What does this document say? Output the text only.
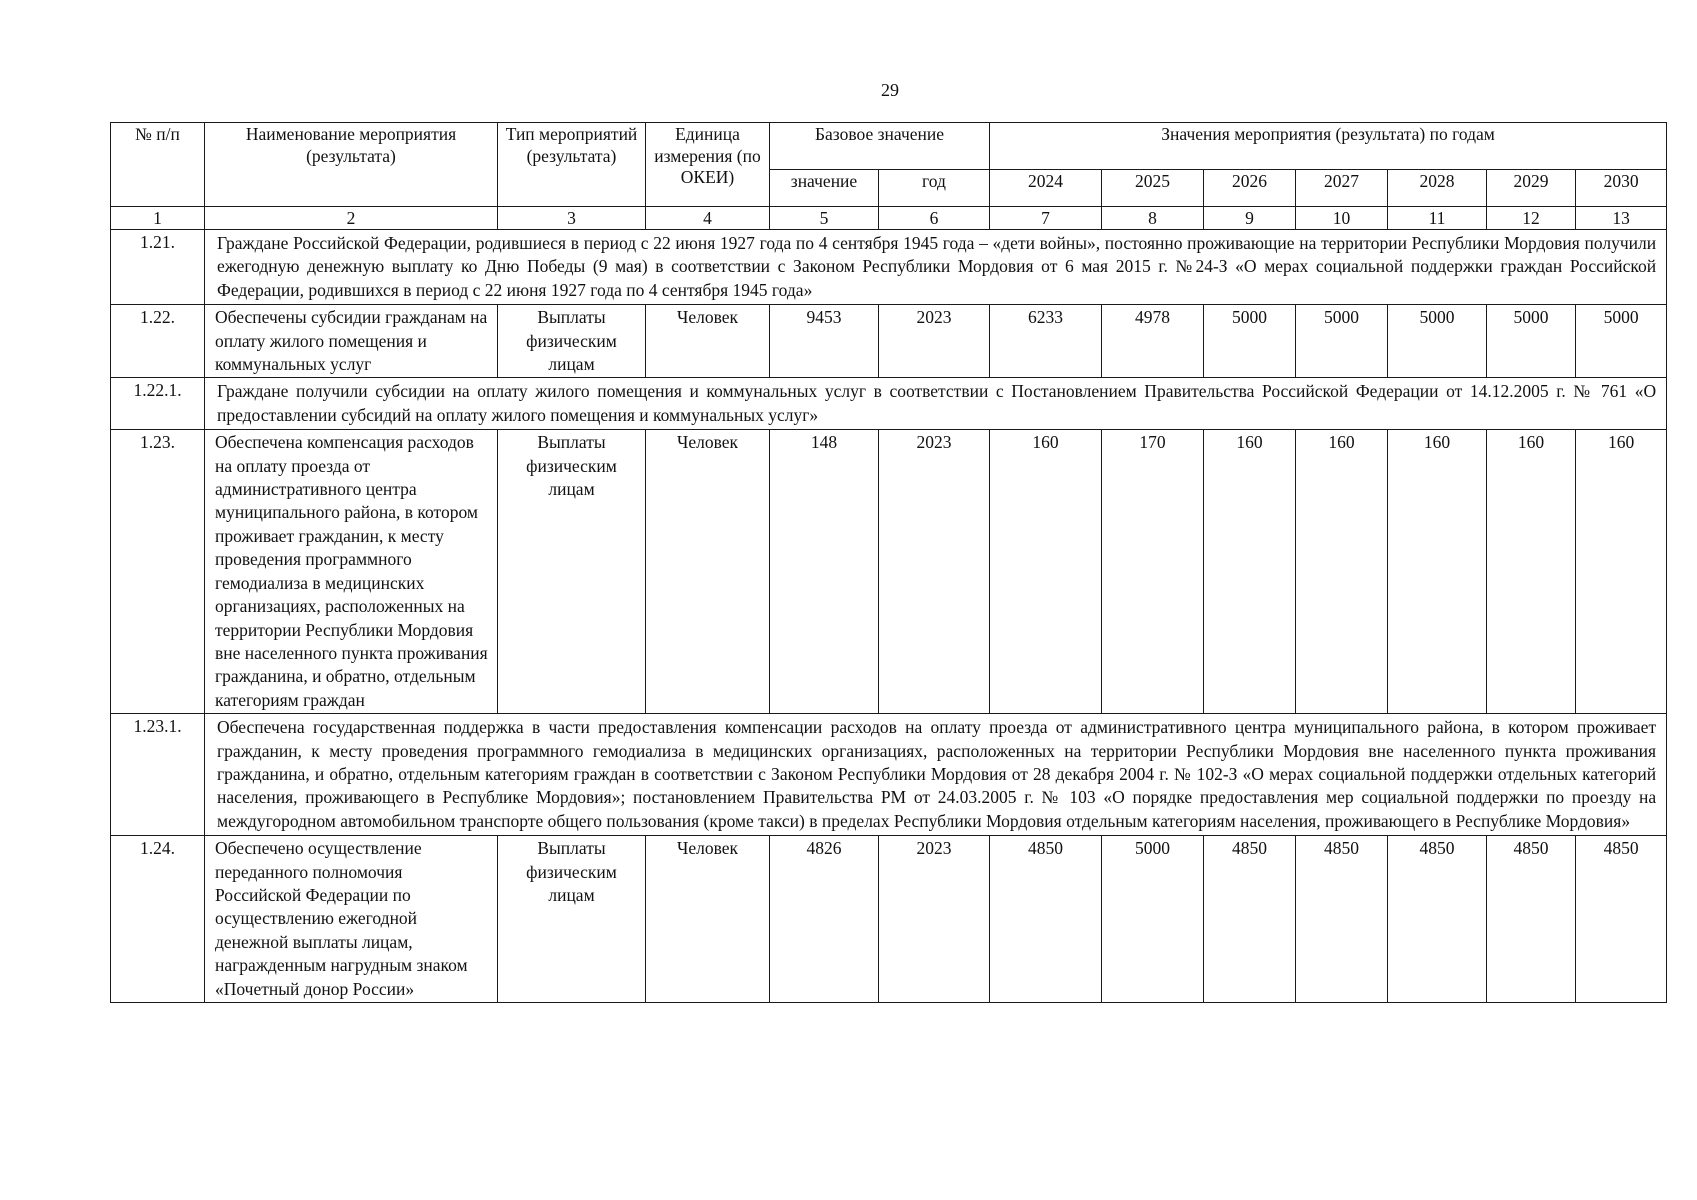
29
№ п/п	Наименование мероприятия (результата)	Тип мероприятий (результата)	Единица измерения (по ОКЕИ)	Базовое значение		Значения мероприятия (результата) по годам						
				значение	год	2024	2025	2026	2027	2028	2029	2030
1	2	3	4	5	6	7	8	9	10	11	12	13
1.21.	Граждане Российской Федерации, родившиеся в период с 22 июня 1927 года по 4 сентября 1945 года – «дети войны», постоянно проживающие на территории Республики Мордовия получили ежегодную денежную выплату ко Дню Победы (9 мая) в соответствии с Законом Республики Мордовия от 6 мая 2015 г. №24-З «О мерах социальной поддержки граждан Российской Федерации, родившихся в период с 22 июня 1927 года по 4 сентября 1945 года»											
1.22.	Обеспечены субсидии гражданам на оплату жилого помещения и коммунальных услуг	Выплаты физическим лицам	Человек	9453	2023	6233	4978	5000	5000	5000	5000	5000
1.22.1.	Граждане получили субсидии на оплату жилого помещения и коммунальных услуг в соответствии с Постановлением Правительства Российской Федерации от 14.12.2005 г. № 761 «О предоставлении субсидий на оплату жилого помещения и коммунальных услуг»											
1.23.	Обеспечена компенсация расходов на оплату проезда от административного центра муниципального района, в котором проживает гражданин, к месту проведения программного гемодиализа в медицинских организациях, расположенных на территории Республики Мордовия вне населенного пункта проживания гражданина, и обратно, отдельным категориям граждан	Выплаты физическим лицам	Человек	148	2023	160	170	160	160	160	160	160
1.23.1.	Обеспечена государственная поддержка в части предоставления компенсации расходов на оплату проезда от административного центра муниципального района, в котором проживает гражданин, к месту проведения программного гемодиализа в медицинских организациях, расположенных на территории Республики Мордовия вне населенного пункта проживания гражданина, и обратно, отдельным категориям граждан в соответствии с Законом Республики Мордовия от 28 декабря 2004 г. № 102-З «О мерах социальной поддержки отдельных категорий населения, проживающего в Республике Мордовия»; постановлением Правительства РМ от 24.03.2005 г. № 103 «О порядке предоставления мер социальной поддержки по проезду на междугородном автомобильном транспорте общего пользования (кроме такси) в пределах Республики Мордовия отдельным категориям населения, проживающего в Республике Мордовия»											
1.24.	Обеспечено осуществление переданного полномочия Российской Федерации по осуществлению ежегодной денежной выплаты лицам, награжденным нагрудным знаком «Почетный донор России»	Выплаты физическим лицам	Человек	4826	2023	4850	5000	4850	4850	4850	4850	4850
